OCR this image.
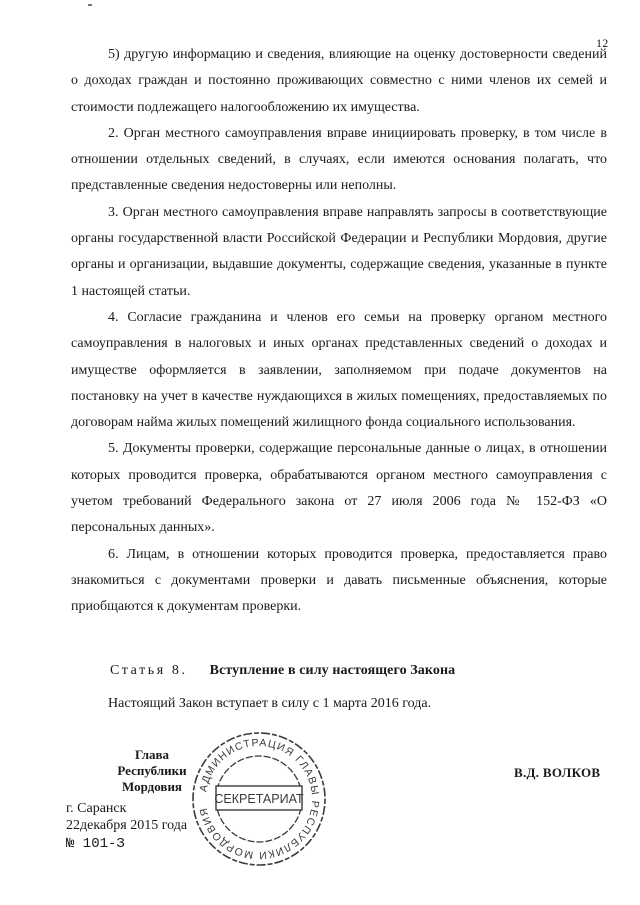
12

5) другую информацию и сведения, влияющие на оценку достоверности сведений о доходах граждан и постоянно проживающих совместно с ними членов их семей и стоимости подлежащего налогообложению их имущества.

2. Орган местного самоуправления вправе инициировать проверку, в том числе в отношении отдельных сведений, в случаях, если имеются основания полагать, что представленные сведения недостоверны или неполны.

3. Орган местного самоуправления вправе направлять запросы в соответствующие органы государственной власти Российской Федерации и Республики Мордовия, другие органы и организации, выдавшие документы, содержащие сведения, указанные в пункте 1 настоящей статьи.

4. Согласие гражданина и членов его семьи на проверку органом местного самоуправления в налоговых и иных органах представленных сведений о доходах и имуществе оформляется в заявлении, заполняемом при подаче документов на постановку на учет в качестве нуждающихся в жилых помещениях, предоставляемых по договорам найма жилых помещений жилищного фонда социального использования.

5. Документы проверки, содержащие персональные данные о лицах, в отношении которых проводится проверка, обрабатываются органом местного самоуправления с учетом требований Федерального закона от 27 июля 2006 года № 152-ФЗ «О персональных данных».

6. Лицам, в отношении которых проводится проверка, предоставляется право знакомиться с документами проверки и давать письменные объяснения, которые приобщаются к документам проверки.

Статья 8. Вступление в силу настоящего Закона
Настоящий Закон вступает в силу с 1 марта 2016 года.
Глава
Республики Мордовия
В.Д. ВОЛКОВ
г. Саранск
22декабря 2015 года
№ 101-З
АДМИНИСТРАЦИЯ ГЛАВЫ РЕСПУБЛИКИ МОРДОВИЯ
СЕКРЕТАРИАТ
